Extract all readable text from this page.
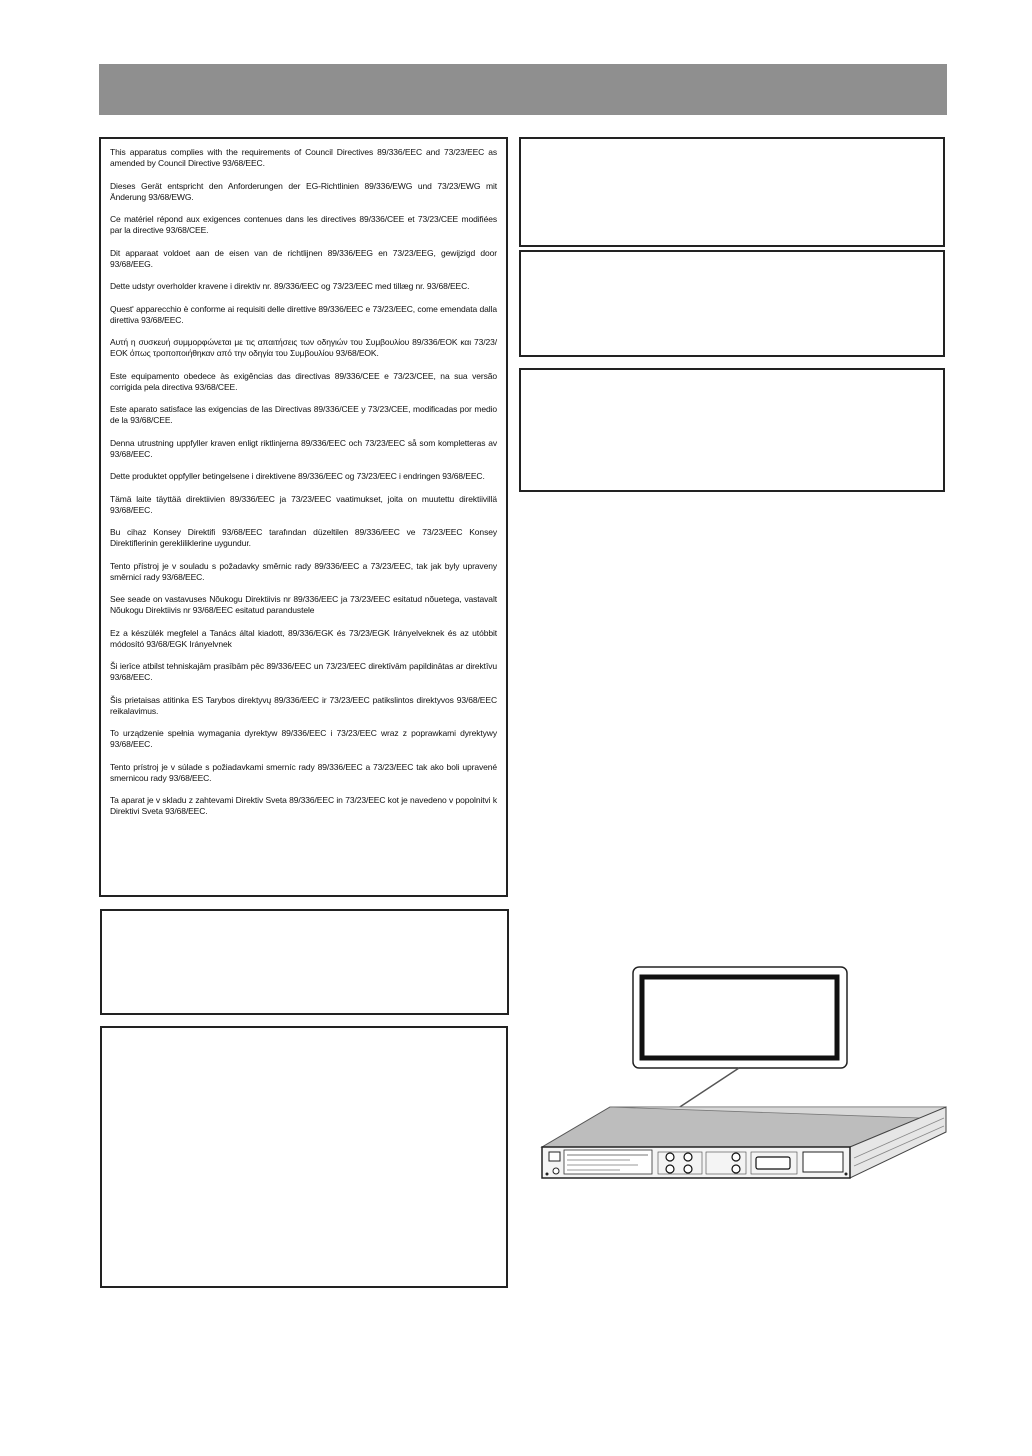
This apparatus complies with the requirements of Council Directives 89/336/EEC and 73/23/EEC as amended by Council Directive 93/68/EEC.

Dieses Gerät entspricht den Anforderungen der EG-Richtlinien 89/336/EWG und 73/23/EWG mit Änderung 93/68/EWG.

Ce matériel répond aux exigences contenues dans les directives 89/336/CEE et 73/23/CEE modifiées par la directive 93/68/CEE.

Dit apparaat voldoet aan de eisen van de richtlijnen 89/336/EEG en 73/23/EEG, gewijzigd door 93/68/EEG.

Dette udstyr overholder kravene i direktiv nr. 89/336/EEC og 73/23/EEC med tillæg nr. 93/68/EEC.

Quest' apparecchio è conforme ai requisiti delle direttive 89/336/EEC e 73/23/EEC, come emendata dalla direttiva 93/68/EEC.

Αυτή η συσκευή συμμορφώνεται με τις απαιτήσεις των οδηγιών του Συμβουλίου 89/336/ΕΟΚ και 73/23/ΕΟΚ όπως τροποποιήθηκαν από την οδηγία του Συμβουλίου 93/68/ΕΟΚ.

Este equipamento obedece às exigências das directivas 89/336/CEE e 73/23/CEE, na sua versão corrigida pela directiva 93/68/CEE.

Este aparato satisface las exigencias de las Directivas 89/336/CEE y 73/23/CEE, modificadas por medio de la 93/68/CEE.

Denna utrustning uppfyller kraven enligt riktlinjerna 89/336/EEC och 73/23/EEC så som kompletteras av 93/68/EEC.

Dette produktet oppfyller betingelsene i direktivene 89/336/EEC og 73/23/EEC i endringen 93/68/EEC.

Tämä laite täyttää direktiivien 89/336/EEC ja 73/23/EEC vaatimukset, joita on muutettu direktiivillä 93/68/EEC.

Bu cihaz Konsey Direktifi 93/68/EEC tarafından düzeltilen 89/336/EEC ve 73/23/EEC Konsey Direktiflerinin gerekliliklerine uygundur.

Tento přístroj je v souladu s požadavky směrnic rady 89/336/EEC a 73/23/EEC, tak jak byly upraveny směrnicí rady 93/68/EEC.

See seade on vastavuses Nõukogu Direktiivis nr 89/336/EEC ja 73/23/EEC esitatud nõuetega, vastavalt Nõukogu Direktiivis nr 93/68/EEC esitatud parandustele

Ez a készülék megfelel a Tanács által kiadott, 89/336/EGK és 73/23/EGK Irányelveknek és az utóbbit módosító 93/68/EGK Irányelvnek

Ši ierīce atbilst tehniskajām prasībām pēc 89/336/EEC un 73/23/EEC direktīvām papildinātas ar direktīvu 93/68/EEC.

Šis prietaisas atitinka ES Tarybos direktyvų 89/336/EEC ir 73/23/EEC patikslintos direktyvos 93/68/EEC reikalavimus.

To urządzenie spełnia wymagania dyrektyw 89/336/EEC i 73/23/EEC wraz z poprawkami dyrektywy 93/68/EEC.

Tento prístroj je v súlade s požiadavkami smerníc rady 89/336/EEC a 73/23/EEC tak ako boli upravené smernicou rady 93/68/EEC.

Ta aparat je v skladu z zahtevami Direktiv Sveta 89/336/EEC in 73/23/EEC kot je navedeno v popolnitvi k Direktivi Sveta 93/68/EEC.
